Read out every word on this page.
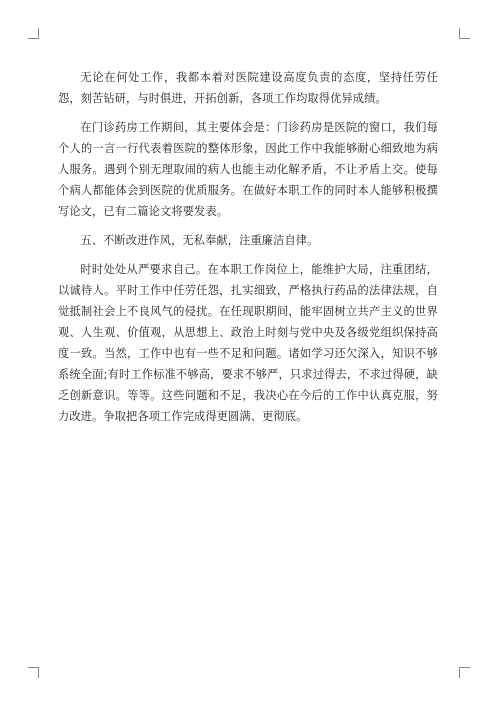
无论在何处工作，我都本着对医院建设高度负责的态度，坚持任劳任怨，刻苦钻研，与时俱进，开拓创新，各项工作均取得优异成绩。

在门诊药房工作期间，其主要体会是：门诊药房是医院的窗口，我们每个人的一言一行代表着医院的整体形象，因此工作中我能够耐心细致地为病人服务。遇到个别无理取闹的病人也能主动化解矛盾，不让矛盾上交。使每个病人都能体会到医院的优质服务。在做好本职工作的同时本人能够积极撰写论文，已有二篇论文将要发表。

五、不断改进作风，无私奉献，注重廉洁自律。

时时处处从严要求自己。在本职工作岗位上，能维护大局，注重团结，以诚待人。平时工作中任劳任怨，扎实细致，严格执行药品的法律法规，自觉抵制社会上不良风气的侵扰。在任现职期间，能牢固树立共产主义的世界观、人生观、价值观，从思想上、政治上时刻与党中央及各级党组织保持高度一致。当然，工作中也有一些不足和问题。诸如学习还欠深入，知识不够系统全面;有时工作标准不够高，要求不够严，只求过得去，不求过得硬，缺乏创新意识。等等。这些问题和不足，我决心在今后的工作中认真克服，努力改进。争取把各项工作完成得更圆满、更彻底。
